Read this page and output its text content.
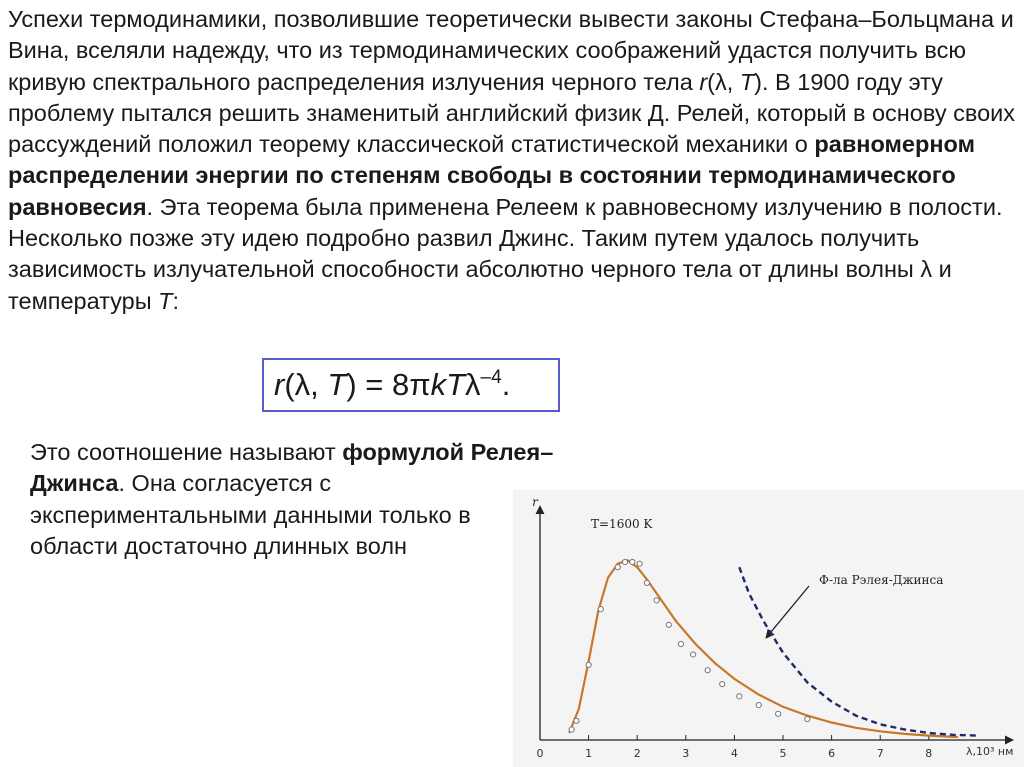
Успехи термодинамики, позволившие теоретически вывести законы Стефана–Больцмана и Вина, вселяли надежду, что из термодинамических соображений удастся получить всю кривую спектрального распределения излучения черного тела r(λ, T). В 1900 году эту проблему пытался решить знаменитый английский физик Д. Релей, который в основу своих рассуждений положил теорему классической статистической механики о равномерном распределении энергии по степеням свободы в состоянии термодинамического равновесия. Эта теорема была применена Релеем к равновесному излучению в полости. Несколько позже эту идею подробно развил Джинс. Таким путем удалось получить зависимость излучательной способности абсолютно черного тела от длины волны λ и температуры T:

r(λ, T) = 8πkTλ$^{-4}$.

Это соотношение называют формулой Релея–
Джинса. Она согласуется с
экспериментальными данными только в
области достаточно длинных волн

0	1	2	3	4	5	6	7	8
r
λ,10³ нм
T=1600 K
Ф-ла Рэлея-Джинса
